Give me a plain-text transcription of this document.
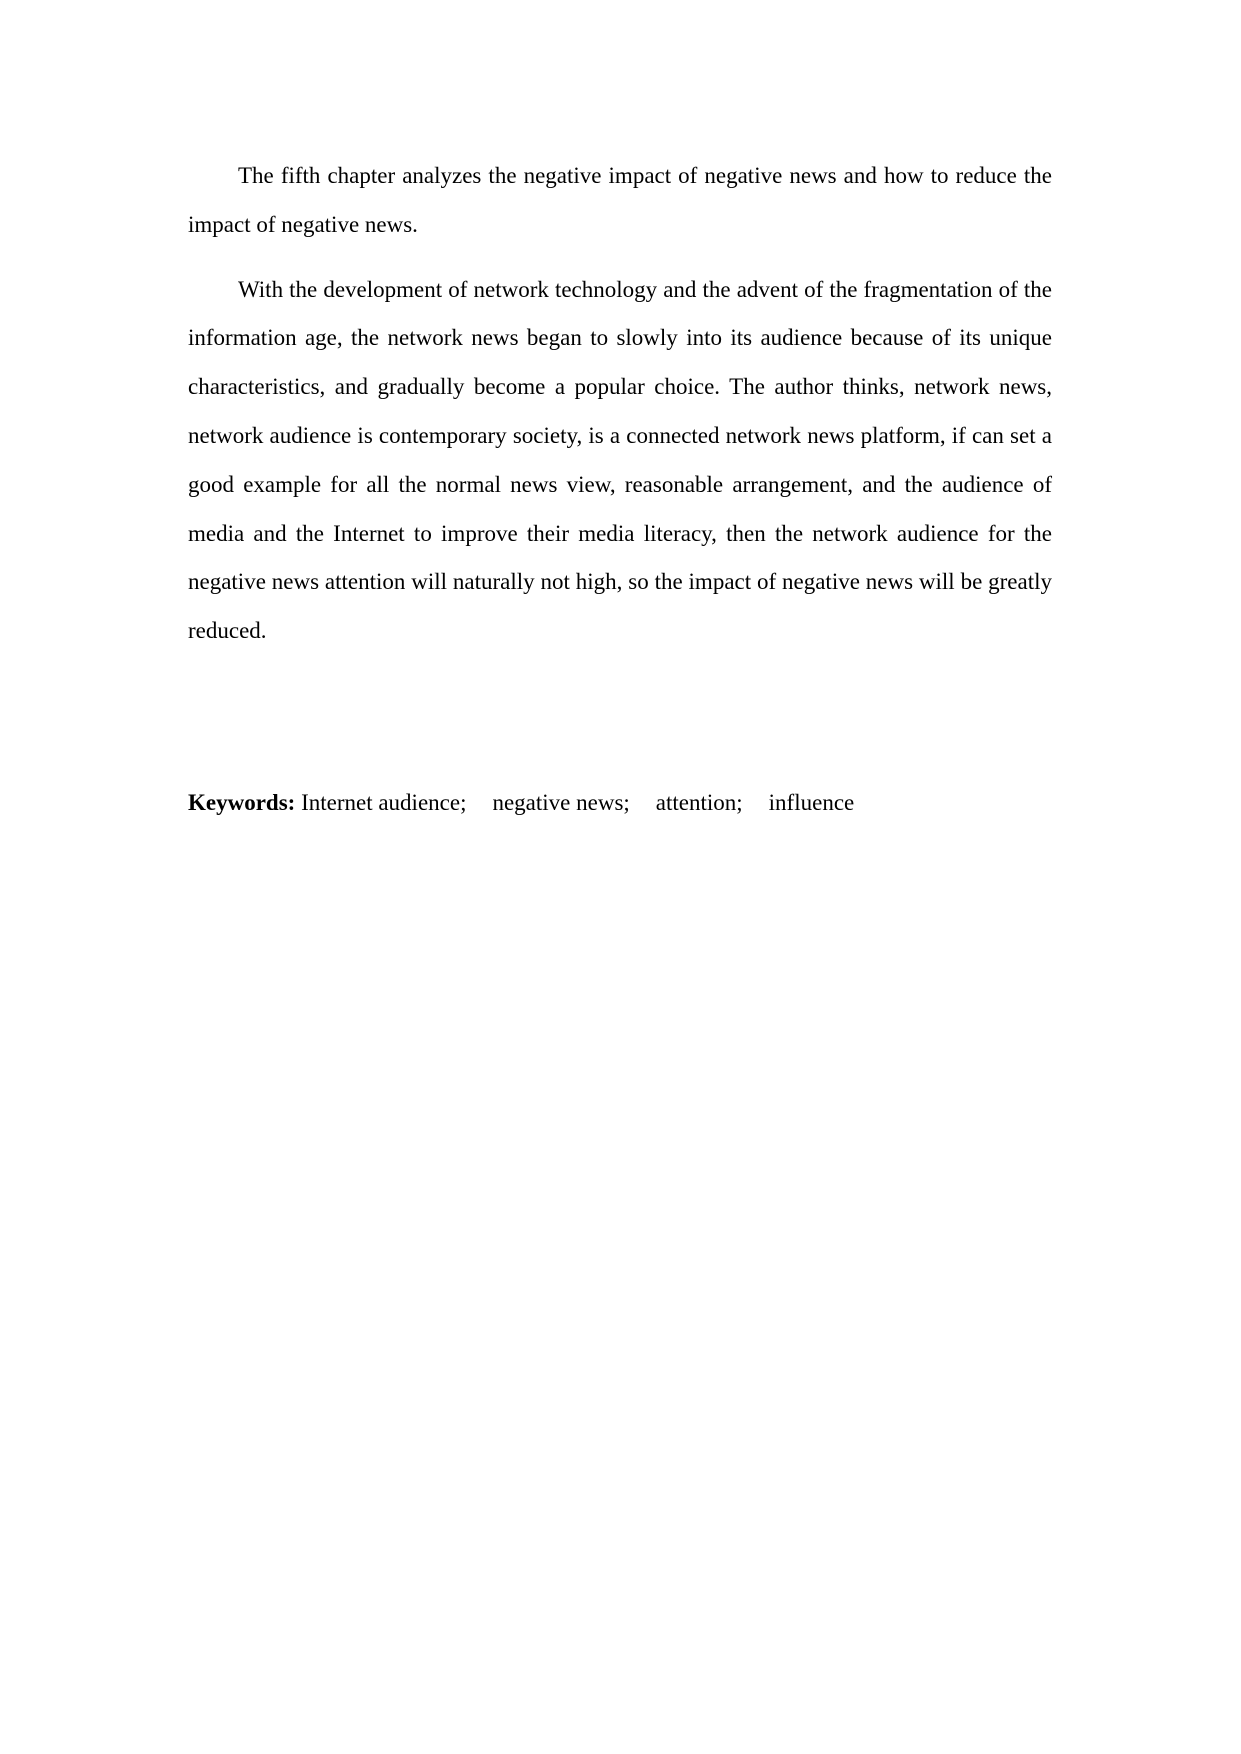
The fifth chapter analyzes the negative impact of negative news and how to reduce the impact of negative news.

With the development of network technology and the advent of the fragmentation of the information age, the network news began to slowly into its audience because of its unique characteristics, and gradually become a popular choice. The author thinks, network news, network audience is contemporary society, is a connected network news platform, if can set a good example for all the normal news view, reasonable arrangement, and the audience of media and the Internet to improve their media literacy, then the network audience for the negative news attention will naturally not high, so the impact of negative news will be greatly reduced.

Keywords: Internet audience; negative news; attention; influence
